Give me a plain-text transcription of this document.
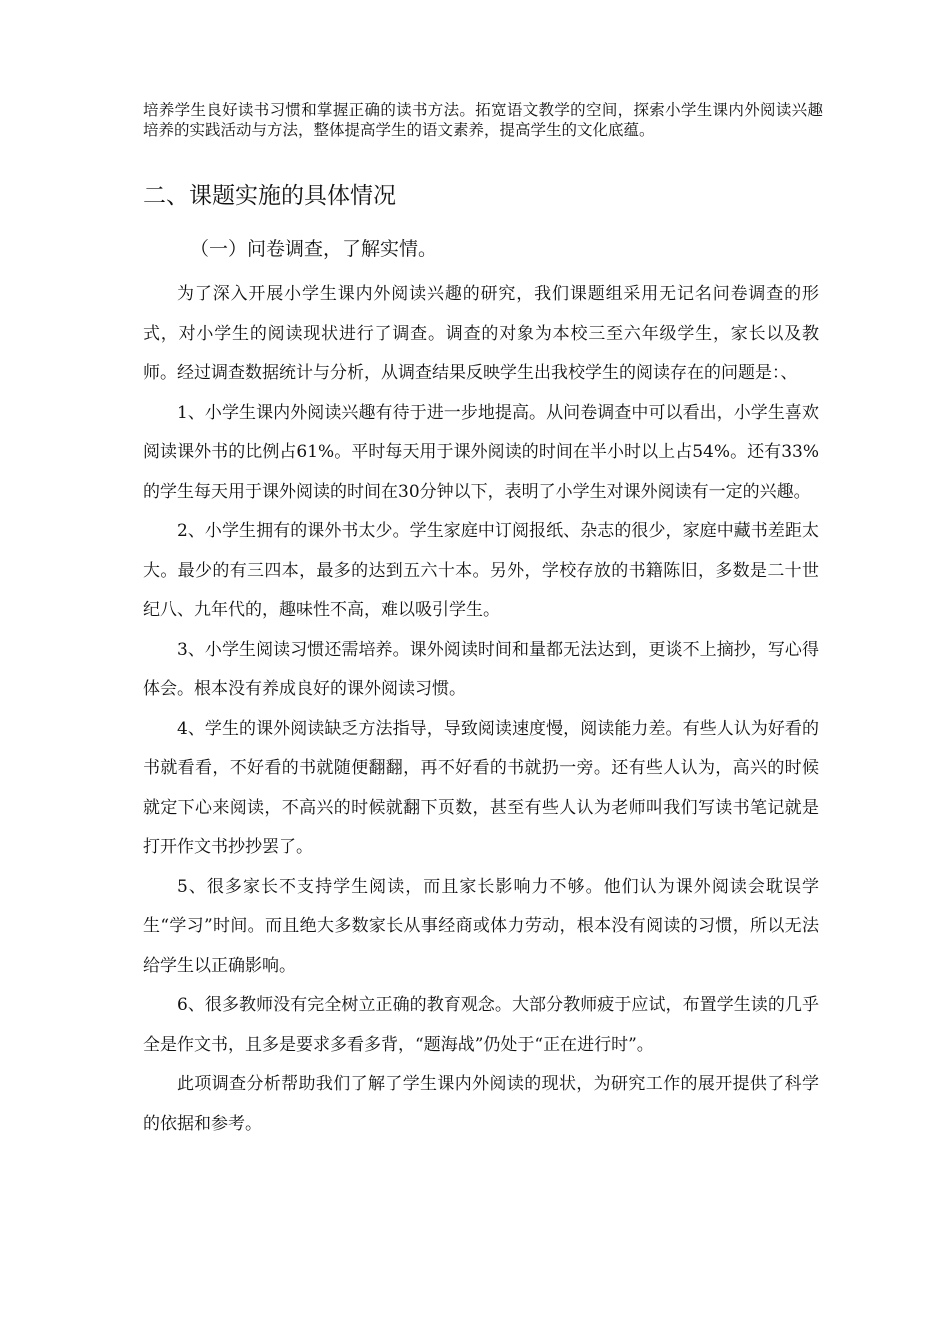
培养学生良好读书习惯和掌握正确的读书方法。拓宽语文教学的空间，探索小学生课内外阅读兴趣培养的实践活动与方法，整体提高学生的语文素养，提高学生的文化底蕴。

二、课题实施的具体情况
（一）问卷调查，了解实情。

为了深入开展小学生课内外阅读兴趣的研究，我们课题组采用无记名问卷调查的形式，对小学生的阅读现状进行了调查。调查的对象为本校三至六年级学生，家长以及教师。经过调查数据统计与分析，从调查结果反映学生出我校学生的阅读存在的问题是：、

1、小学生课内外阅读兴趣有待于进一步地提高。从问卷调查中可以看出，小学生喜欢阅读课外书的比例占61%。平时每天用于课外阅读的时间在半小时以上占54%。还有33%的学生每天用于课外阅读的时间在30分钟以下，表明了小学生对课外阅读有一定的兴趣。

2、小学生拥有的课外书太少。学生家庭中订阅报纸、杂志的很少，家庭中藏书差距太大。最少的有三四本，最多的达到五六十本。另外，学校存放的书籍陈旧，多数是二十世纪八、九年代的，趣味性不高，难以吸引学生。

3、小学生阅读习惯还需培养。课外阅读时间和量都无法达到，更谈不上摘抄，写心得体会。根本没有养成良好的课外阅读习惯。

4、学生的课外阅读缺乏方法指导，导致阅读速度慢，阅读能力差。有些人认为好看的书就看看，不好看的书就随便翻翻，再不好看的书就扔一旁。还有些人认为，高兴的时候就定下心来阅读，不高兴的时候就翻下页数，甚至有些人认为老师叫我们写读书笔记就是打开作文书抄抄罢了。

5、很多家长不支持学生阅读，而且家长影响力不够。他们认为课外阅读会耽误学生“学习”时间。而且绝大多数家长从事经商或体力劳动，根本没有阅读的习惯，所以无法给学生以正确影响。

6、很多教师没有完全树立正确的教育观念。大部分教师疲于应试，布置学生读的几乎全是作文书，且多是要求多看多背，“题海战”仍处于“正在进行时”。

此项调查分析帮助我们了解了学生课内外阅读的现状，为研究工作的展开提供了科学的依据和参考。
